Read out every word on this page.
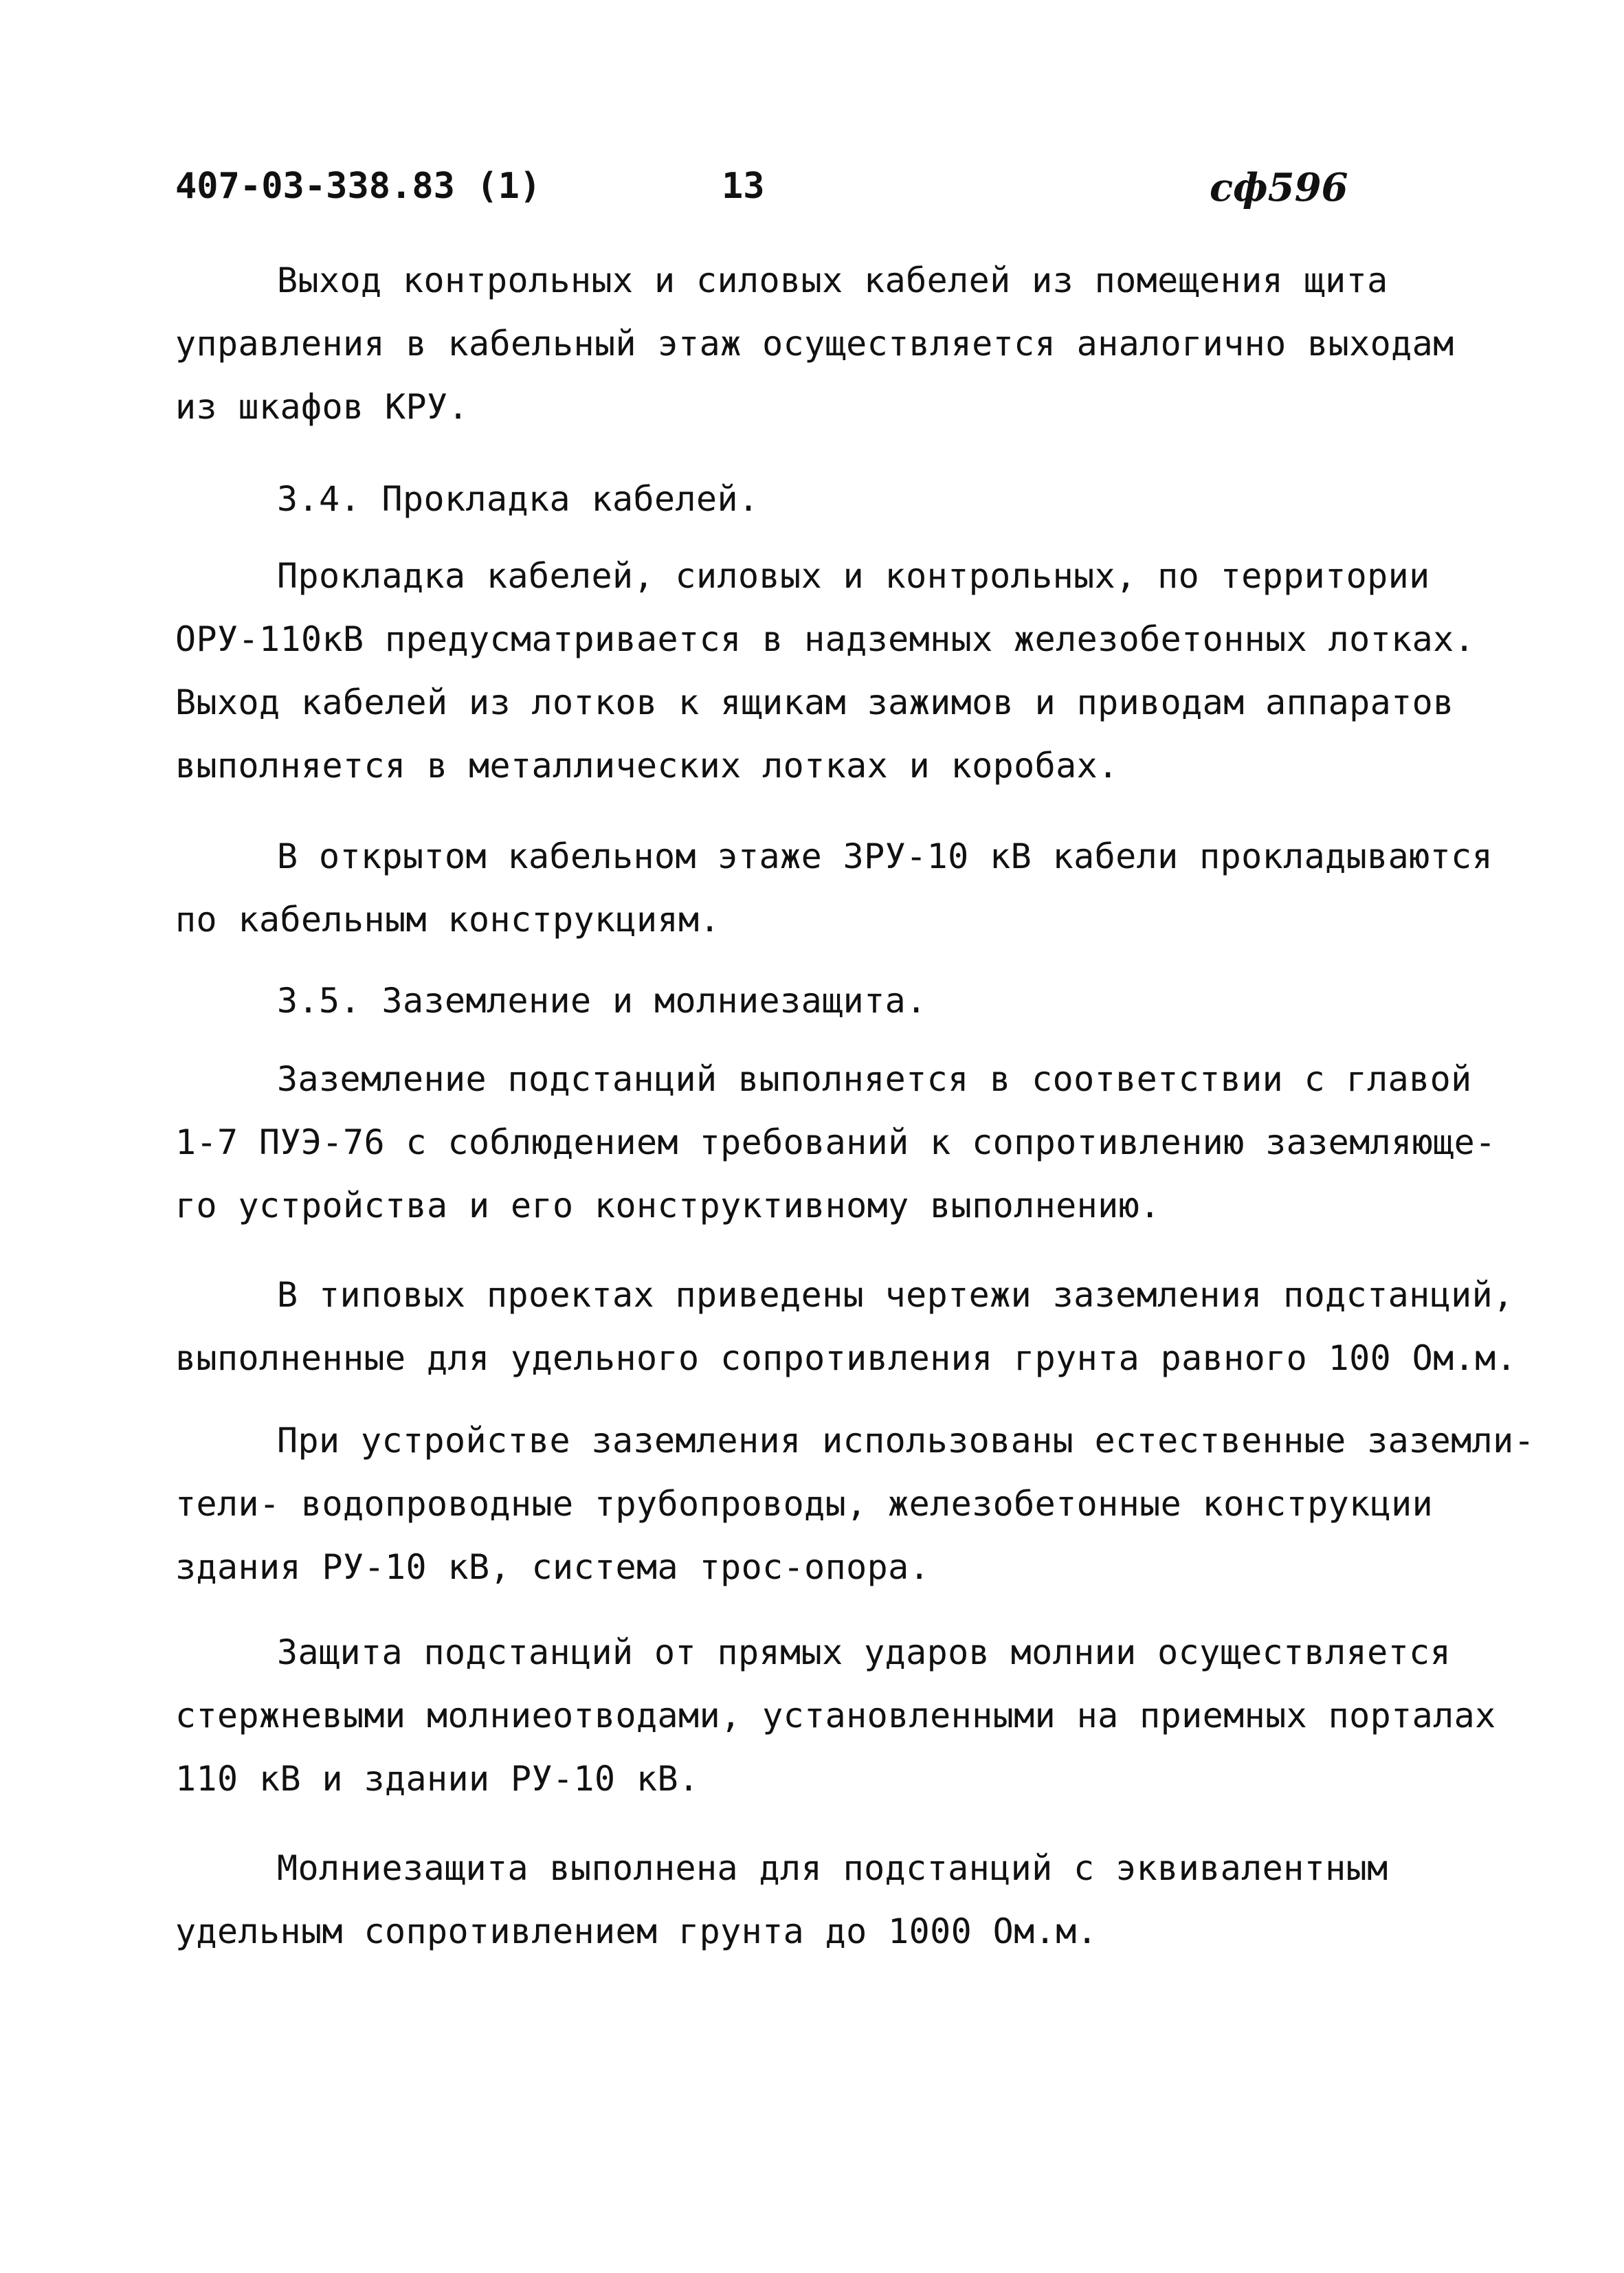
407-03-338.83 (1)	13	cф596
Выход контрольных и силовых кабелей из помещения щита
управления в кабельный этаж осуществляется аналогично выходам
из шкафов КРУ.
3.4. Прокладка кабелей.
Прокладка кабелей, силовых и контрольных, по территории
ОРУ-110кВ предусматривается в надземных железобетонных лотках.
Выход кабелей из лотков к ящикам зажимов и приводам аппаратов
выполняется в металлических лотках и коробах.
В открытом кабельном этаже ЗРУ-10 кВ кабели прокладываются
по кабельным конструкциям.
3.5. Заземление и молниезащита.
Заземление подстанций выполняется в соответствии с главой
1-7 ПУЭ-76 с соблюдением требований к сопротивлению заземляюще-
го устройства и его конструктивному выполнению.
В типовых проектах приведены чертежи заземления подстанций,
выполненные для удельного сопротивления грунта равного 100 Ом.м.
При устройстве заземления использованы естественные заземли-
тели- водопроводные трубопроводы, железобетонные конструкции
здания РУ-10 кВ, система трос-опора.
Защита подстанций от прямых ударов молнии осуществляется
стержневыми молниеотводами, установленными на приемных порталах
110 кВ и здании РУ-10 кВ.
Молниезащита выполнена для подстанций с эквивалентным
удельным сопротивлением грунта до 1000 Ом.м.
